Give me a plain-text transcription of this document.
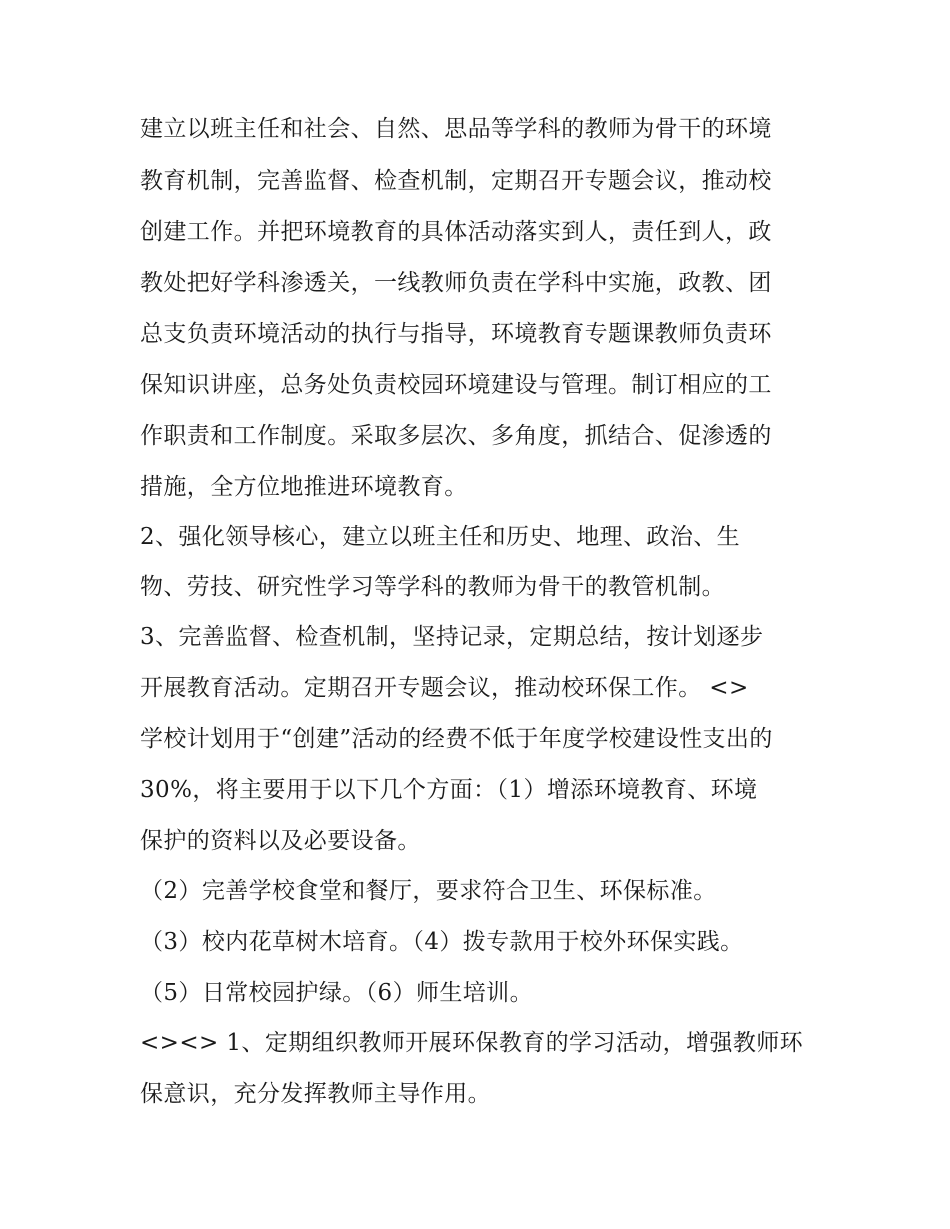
建立以班主任和社会、自然、思品等学科的教师为骨干的环境
教育机制，完善监督、检查机制，定期召开专题会议，推动校
创建工作。并把环境教育的具体活动落实到人，责任到人，政
教处把好学科渗透关，一线教师负责在学科中实施，政教、团
总支负责环境活动的执行与指导，环境教育专题课教师负责环
保知识讲座，总务处负责校园环境建设与管理。制订相应的工
作职责和工作制度。采取多层次、多角度，抓结合、促渗透的
措施，全方位地推进环境教育。
2、强化领导核心，建立以班主任和历史、地理、政治、生
物、劳技、研究性学习等学科的教师为骨干的教管机制。
3、完善监督、检查机制，坚持记录，定期总结，按计划逐步
开展教育活动。定期召开专题会议，推动校环保工作。 <>
学校计划用于“创建”活动的经费不低于年度学校建设性支出的
30%，将主要用于以下几个方面：（1）增添环境教育、环境
保护的资料以及必要设备。
（2）完善学校食堂和餐厅，要求符合卫生、环保标准。
（3）校内花草树木培育。（4）拨专款用于校外环保实践。
（5）日常校园护绿。（6）师生培训。
<><> 1、定期组织教师开展环保教育的学习活动，增强教师环
保意识，充分发挥教师主导作用。
